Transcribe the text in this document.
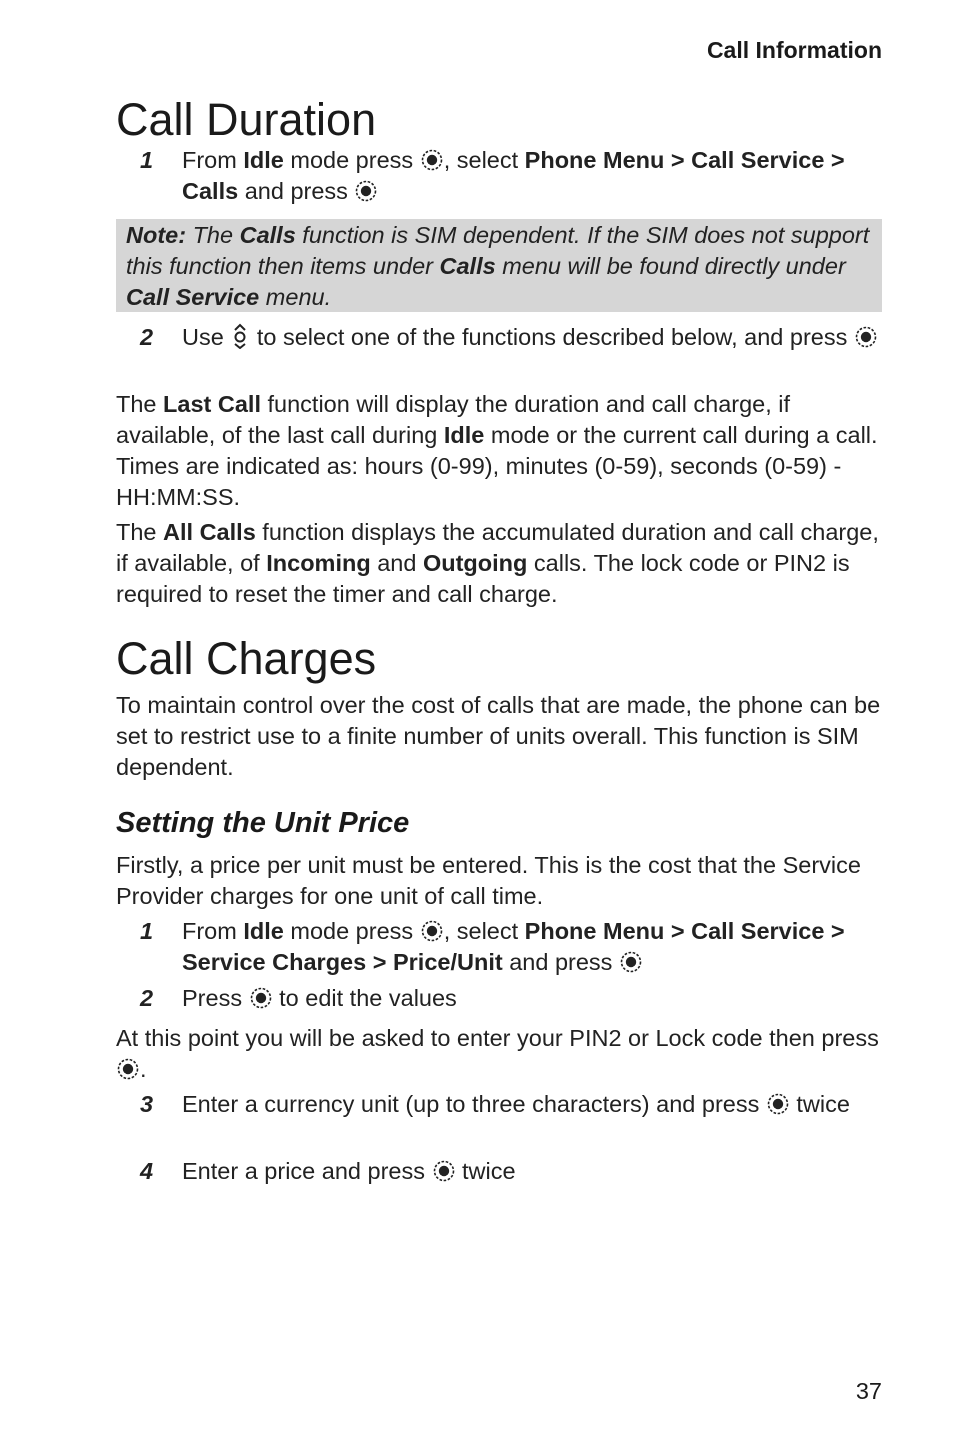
Call Information
Call Duration
1 From Idle mode press
, select Phone Menu > Call Service > Calls and press
Note: The Calls function is SIM dependent. If the SIM does not support this function then items under Calls menu will be found directly under Call Service menu.
2 Use
to select one of the functions described below, and press

The Last Call function will display the duration and call charge, if available, of the last call during Idle mode or the current call during a call. Times are indicated as: hours (0-99), minutes (0-59), seconds (0-59) - HH:MM:SS.

The All Calls function displays the accumulated duration and call charge, if available, of Incoming and Outgoing calls. The lock code or PIN2 is required to reset the timer and call charge.

Call Charges

To maintain control over the cost of calls that are made, the phone can be set to restrict use to a finite number of units overall. This function is SIM dependent.

Setting the Unit Price

Firstly, a price per unit must be entered. This is the cost that the Service Provider charges for one unit of call time.

1 From Idle mode press
, select Phone Menu > Call Service > Service Charges > Price/Unit and press
2 Press
to edit the values

At this point you will be asked to enter your PIN2 or Lock code then press
.

3 Enter a currency unit (up to three characters) and press
twice
4 Enter a price and press
twice
37
